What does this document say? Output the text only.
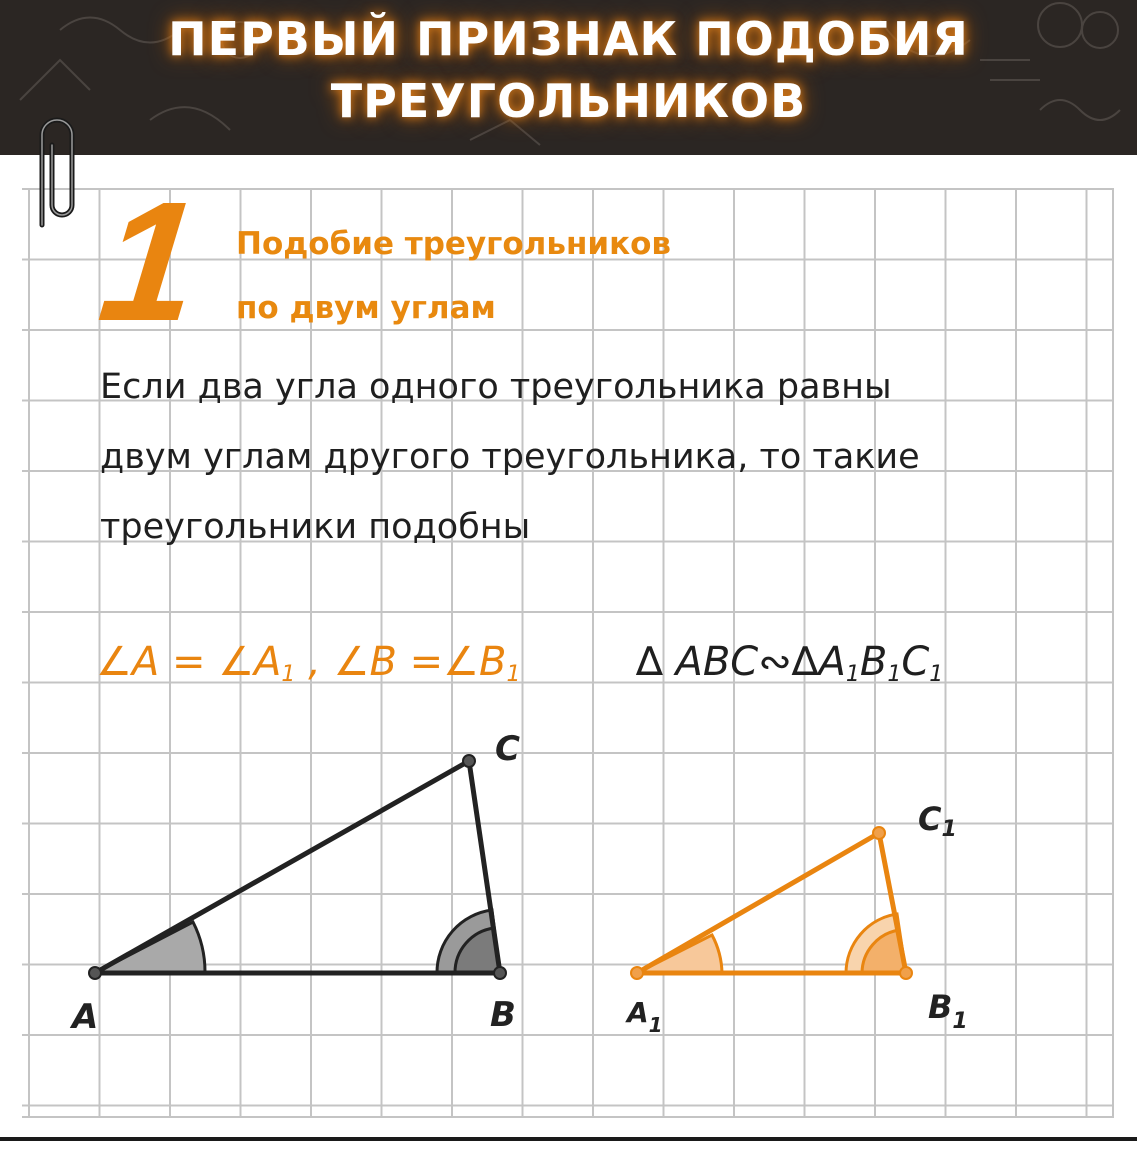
ПЕРВЫЙ ПРИЗНАК ПОДОБИЯ
ТРЕУГОЛЬНИКОВ
1 Подобие треугольников
по двум углам
Если два угла одного треугольника равны
двум углам другого треугольника, то такие
треугольники подобны
∠A = $\angle A_1$ , ∠B $=\angle B_1$	∆ $ABC∾\Delta A_1B_1C_1$
A	B
C
$A_1$	$B_1$
C1
